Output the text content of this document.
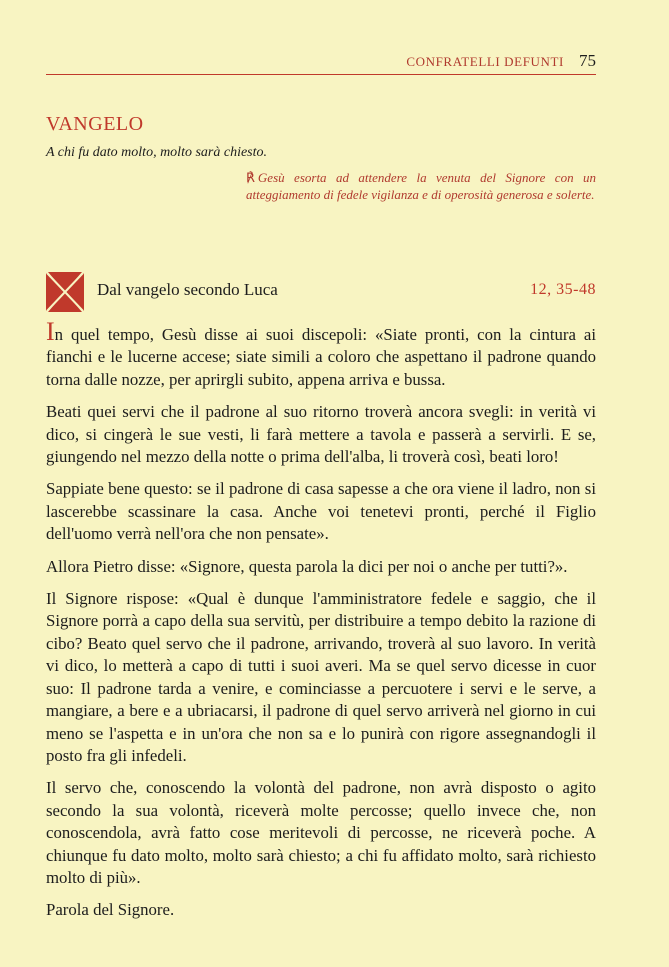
CONFRATELLI DEFUNTI 75
VANGELO
A chi fu dato molto, molto sarà chiesto.

℟ Gesù esorta ad attendere la venuta del Signore con un atteggiamento di fedele vigilanza e di operosità generosa e solerte.

Dal vangelo secondo Luca	12, 35-48

In quel tempo, Gesù disse ai suoi discepoli: «Siate pronti, con la cintura ai fianchi e le lucerne accese; siate simili a coloro che aspettano il padrone quando torna dalle nozze, per aprirgli subito, appena arriva e bussa.

Beati quei servi che il padrone al suo ritorno troverà ancora svegli: in verità vi dico, si cingerà le sue vesti, li farà mettere a tavola e passerà a servirli. E se, giungendo nel mezzo della notte o prima dell'alba, li troverà così, beati loro!

Sappiate bene questo: se il padrone di casa sapesse a che ora viene il ladro, non si lascerebbe scassinare la casa. Anche voi tenetevi pronti, perché il Figlio dell'uomo verrà nell'ora che non pensate».

Allora Pietro disse: «Signore, questa parola la dici per noi o anche per tutti?».

Il Signore rispose: «Qual è dunque l'amministratore fedele e saggio, che il Signore porrà a capo della sua servitù, per distribuire a tempo debito la razione di cibo? Beato quel servo che il padrone, arrivando, troverà al suo lavoro. In verità vi dico, lo metterà a capo di tutti i suoi averi. Ma se quel servo dicesse in cuor suo: Il padrone tarda a venire, e cominciasse a percuotere i servi e le serve, a mangiare, a bere e a ubriacarsi, il padrone di quel servo arriverà nel giorno in cui meno se l'aspetta e in un'ora che non sa e lo punirà con rigore assegnandogli il posto fra gli infedeli.

Il servo che, conoscendo la volontà del padrone, non avrà disposto o agito secondo la sua volontà, riceverà molte percosse; quello invece che, non conoscendola, avrà fatto cose meritevoli di percosse, ne riceverà poche. A chiunque fu dato molto, molto sarà chiesto; a chi fu affidato molto, sarà richiesto molto di più».

Parola del Signore.
